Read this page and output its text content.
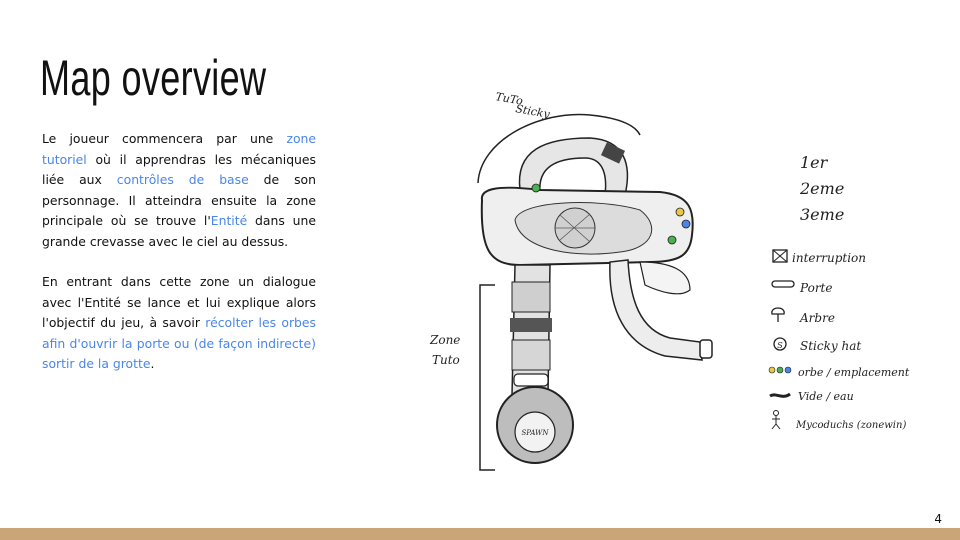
Map overview

Le joueur commencera par une zone tutoriel où il apprendras les mécaniques liée aux contrôles de base de son personnage. Il atteindra ensuite la zone principale où se trouve l'Entité dans une grande crevasse avec le ciel au dessus.

En entrant dans cette zone un dialogue avec l'Entité se lance et lui explique alors l'objectif du jeu, à savoir récolter les orbes afin d'ouvrir la porte ou (de façon indirecte) sortir de la grotte.

TuTo
Sticky
SPAWN
Zone
Tuto
1er
2eme
3eme
interruption
Porte
Arbre
S Sticky hat
orbe / emplacement
Vide / eau
Mycoduchs (zonewin)
4
